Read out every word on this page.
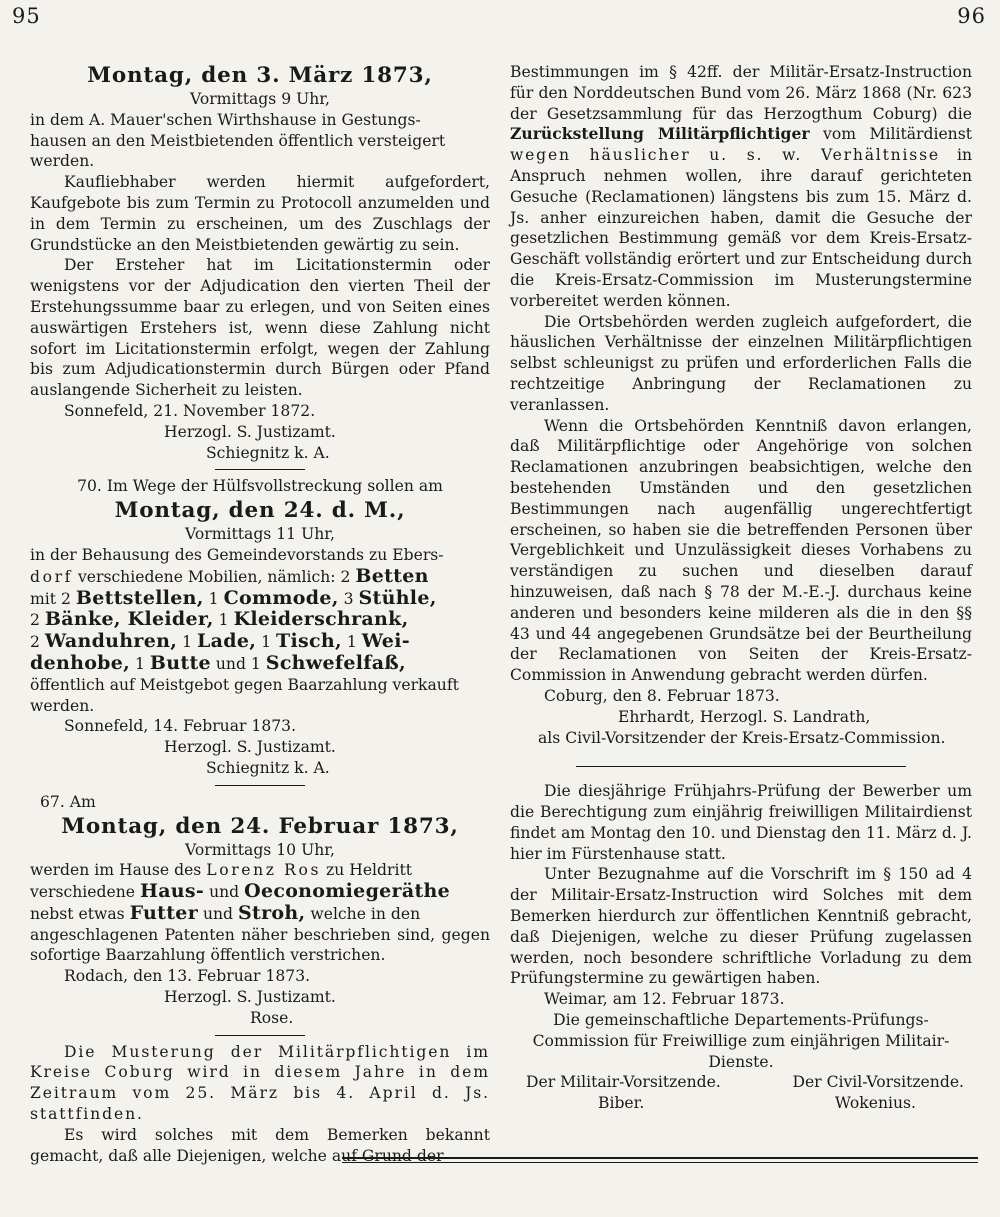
95	96

Montag, den 3. März 1873,

Vormittags 9 Uhr,

in dem A. Mauer'schen Wirthshause in Gestungs-

hausen an den Meistbietenden öffentlich versteigert

werden.

Kaufliebhaber werden hiermit aufgefordert, Kaufgebote bis zum Termin zu Protocoll anzumelden und in dem Termin zu erscheinen, um des Zuschlags der Grundstücke an den Meistbietenden gewärtig zu sein.

Der Ersteher hat im Licitationstermin oder wenigstens vor der Adjudication den vierten Theil der Erstehungssumme baar zu erlegen, und von Seiten eines auswärtigen Erstehers ist, wenn diese Zahlung nicht sofort im Licitationstermin erfolgt, wegen der Zahlung bis zum Adjudicationstermin durch Bürgen oder Pfand auslangende Sicherheit zu leisten.

Sonnefeld, 21. November 1872.

Herzogl. S. Justizamt.

Schiegnitz k. A.

70. Im Wege der Hülfsvollstreckung sollen am

Montag, den 24. d. M.,

Vormittags 11 Uhr,

in der Behausung des Gemeindevorstands zu Ebers-

dorf verschiedene Mobilien, nämlich: 2 Betten

mit 2 Bettstellen, 1 Commode, 3 Stühle,

2 Bänke, Kleider, 1 Kleiderschrank,

2 Wanduhren, 1 Lade, 1 Tisch, 1 Wei-

denhobe, 1 Butte und 1 Schwefelfaß,

öffentlich auf Meistgebot gegen Baarzahlung verkauft

werden.

Sonnefeld, 14. Februar 1873.

Herzogl. S. Justizamt.

Schiegnitz k. A.

67. Am

Montag, den 24. Februar 1873,

Vormittags 10 Uhr,

werden im Hause des Lorenz Ros zu Heldritt

verschiedene Haus- und Oeconomiegeräthe

nebst etwas Futter und Stroh, welche in den

angeschlagenen Patenten näher beschrieben sind, gegen sofortige Baarzahlung öffentlich verstrichen.

Rodach, den 13. Februar 1873.

Herzogl. S. Justizamt.

Rose.

Die Musterung der Militärpflichtigen im Kreise Coburg wird in diesem Jahre in dem Zeitraum vom 25. März bis 4. April d. Js. stattfinden.

Es wird solches mit dem Bemerken bekannt gemacht, daß alle Diejenigen, welche auf Grund der

Bestimmungen im § 42ff. der Militär-Ersatz-Instruction für den Norddeutschen Bund vom 26. März 1868 (Nr. 623 der Gesetzsammlung für das Herzogthum Coburg) die Zurückstellung Militärpflichtiger vom Militärdienst wegen häuslicher u. s. w. Verhältnisse in Anspruch nehmen wollen, ihre darauf gerichteten Gesuche (Reclamationen) längstens bis zum 15. März d. Js. anher einzureichen haben, damit die Gesuche der gesetzlichen Bestimmung gemäß vor dem Kreis-Ersatz-Geschäft vollständig erörtert und zur Entscheidung durch die Kreis-Ersatz-Commission im Musterungstermine vorbereitet werden können.

Die Ortsbehörden werden zugleich aufgefordert, die häuslichen Verhältnisse der einzelnen Militärpflichtigen selbst schleunigst zu prüfen und erforderlichen Falls die rechtzeitige Anbringung der Reclamationen zu veranlassen.

Wenn die Ortsbehörden Kenntniß davon erlangen, daß Militärpflichtige oder Angehörige von solchen Reclamationen anzubringen beabsichtigen, welche den bestehenden Umständen und den gesetzlichen Bestimmungen nach augenfällig ungerechtfertigt erscheinen, so haben sie die betreffenden Personen über Vergeblichkeit und Unzulässigkeit dieses Vorhabens zu verständigen zu suchen und dieselben darauf hinzuweisen, daß nach § 78 der M.-E.-J. durchaus keine anderen und besonders keine milderen als die in den §§ 43 und 44 angegebenen Grundsätze bei der Beurtheilung der Reclamationen von Seiten der Kreis-Ersatz-Commission in Anwendung gebracht werden dürfen.

Coburg, den 8. Februar 1873.

Ehrhardt, Herzogl. S. Landrath,

als Civil-Vorsitzender der Kreis-Ersatz-Commission.

Die diesjährige Frühjahrs-Prüfung der Bewerber um die Berechtigung zum einjährig freiwilligen Militairdienst findet am Montag den 10. und Dienstag den 11. März d. J. hier im Fürstenhause statt.

Unter Bezugnahme auf die Vorschrift im § 150 ad 4 der Militair-Ersatz-Instruction wird Solches mit dem Bemerken hierdurch zur öffentlichen Kenntniß gebracht, daß Diejenigen, welche zu dieser Prüfung zugelassen werden, noch besondere schriftliche Vorladung zu dem Prüfungstermine zu gewärtigen haben.

Weimar, am 12. Februar 1873.

Die gemeinschaftliche Departements-Prüfungs-Commission für Freiwillige zum einjährigen Militair-Dienste.

Der Militair-Vorsitzende.	Der Civil-Vorsitzende.

Biber.	Wokenius.
